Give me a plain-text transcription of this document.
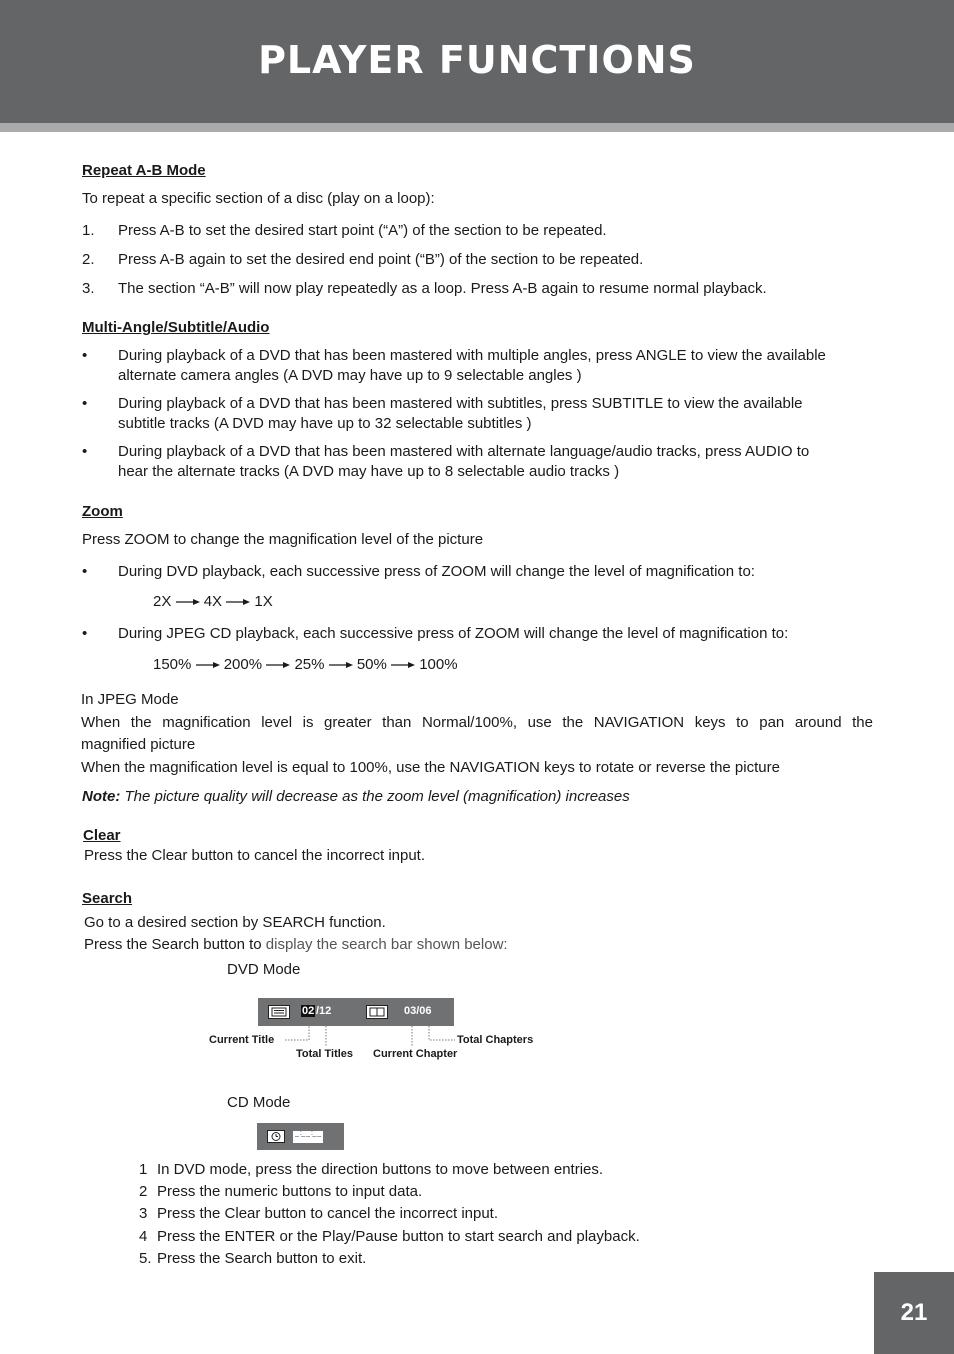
PLAYER FUNCTIONS
Repeat A-B Mode
To repeat a specific section of a disc (play on a loop):
1. Press A-B to set the desired start point (“A”) of the section to be repeated.
2. Press A-B again to set the desired end point (“B”) of the section to be repeated.
3. The section “A-B” will now play repeatedly as a loop. Press A-B again to resume normal playback.
Multi-Angle/Subtitle/Audio
• During playback of a DVD that has been mastered with multiple angles, press ANGLE to view the available
alternate camera angles (A DVD may have up to 9 selectable angles )
• During playback of a DVD that has been mastered with subtitles, press SUBTITLE to view the available
subtitle tracks (A DVD may have up to 32 selectable subtitles )
• During playback of a DVD that has been mastered with alternate language/audio tracks, press AUDIO to
hear the alternate tracks (A DVD may have up to 8 selectable audio tracks )
Zoom
Press ZOOM to change the magnification level of the picture
• During DVD playback, each successive press of ZOOM will change the level of magnification to:
2X 4X 1X
• During JPEG CD playback, each successive press of ZOOM will change the level of magnification to:
150% 200% 25% 50% 100%
In JPEG Mode
When the magnification level is greater than Normal/100%, use the NAVIGATION keys to pan around the
magnified picture
When the magnification level is equal to 100%, use the NAVIGATION keys to rotate or reverse the picture
Note: The picture quality will decrease as the zoom level (magnification) increases
Clear
Press the Clear button to cancel the incorrect input.
Search
Go to a desired section by SEARCH function.
Press the Search button to display the search bar shown below:
DVD Mode
02 /12	03/06
Current Title
Total Titles Current Chapter
Total Chapters
CD Mode
_ :_ _ :_ _
1 In DVD mode, press the direction buttons to move between entries.
2 Press the numeric buttons to input data.
3 Press the Clear button to cancel the incorrect input.
4 Press the ENTER or the Play/Pause button to start search and playback.
5. Press the Search button to exit.
21
